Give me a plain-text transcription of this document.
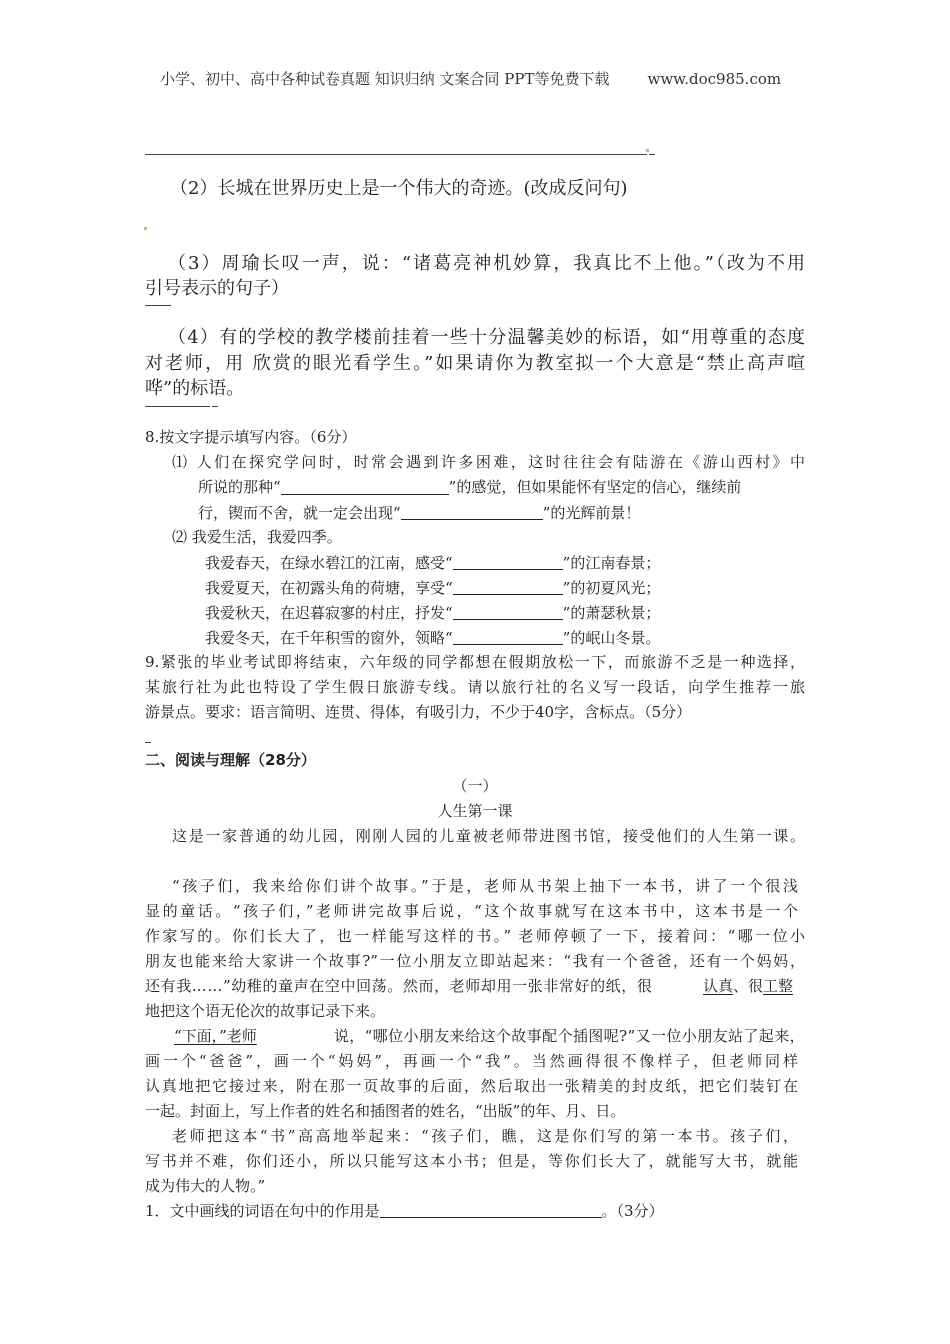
小学、初中、高中各种试卷真题 知识归纳 文案合同 PPT等免费下载	www.doc985.com
（2）长城在世界历史上是一个伟大的奇迹。(改成反问句)
（3）周瑜长叹一声，说：“诸葛亮神机妙算，我真比不上他。”（改为不用
引号表示的句子）
（4）有的学校的教学楼前挂着一些十分温馨美妙的标语，如“用尊重的态度
对老师，用 欣赏的眼光看学生。”如果请你为教室拟一个大意是“禁止高声喧
哗”的标语。
8.按文字提示填写内容。（6分）
⑴ 人们在探究学问时，时常会遇到许多困难，这时往往会有陆游在《游山西村》中
所说的那种“	”的感觉，但如果能怀有坚定的信心，继续前
行，锲而不舍，就一定会出现“	”的光辉前景！
⑵ 我爱生活，我爱四季。
我爱春天，在绿水碧江的江南，感受“	”的江南春景；
我爱夏天，在初露头角的荷塘，享受“	”的初夏风光；
我爱秋天，在迟暮寂寥的村庄，抒发“	”的萧瑟秋景；
我爱冬天，在千年积雪的窗外，领略“	”的岷山冬景。
9.紧张的毕业考试即将结束，六年级的同学都想在假期放松一下，而旅游不乏是一种选择，
某旅行社为此也特设了学生假日旅游专线。请以旅行社的名义写一段话，向学生推荐一旅
游景点。要求：语言简明、连贯、得体，有吸引力，不少于40字，含标点。（5分）
二、阅读与理解（28分）
（一）
人生第一课
这是一家普通的幼儿园，刚刚人园的儿童被老师带进图书馆，接受他们的人生第一课。
“孩子们，我来给你们讲个故事。”于是，老师从书架上抽下一本书，讲了一个很浅
显的童话。“孩子们，”老师讲完故事后说，“这个故事就写在这本书中，这本书是一个
作家写的。你们长大了，也一样能写这样的书。” 老师停顿了一下，接着问：“哪一位小
朋友也能来给大家讲一个故事?”一位小朋友立即站起来：“我有一个爸爸，还有一个妈妈，
还有我……”幼稚的童声在空中回荡。然而，老师却用一张非常好的纸，很	认真、很工整
地把这个语无伦次的故事记录下来。
“下面，”老师	说，“哪位小朋友来给这个故事配个插图呢?”又一位小朋友站了起来，
画一个“爸爸”，画一个“妈妈”，再画一个“我”。当然画得很不像样子，但老师同样
认真地把它接过来，附在那一页故事的后面，然后取出一张精美的封皮纸，把它们装钉在
一起。封面上，写上作者的姓名和插图者的姓名，“出版”的年、月、日。
老师把这本“书”高高地举起来：“孩子们，瞧，这是你们写的第一本书。孩子们，
写书并不难，你们还小，所以只能写这本小书；但是，等你们长大了，就能写大书，就能
成为伟大的人物。”
1．文中画线的词语在句中的作用是	。（3分）
